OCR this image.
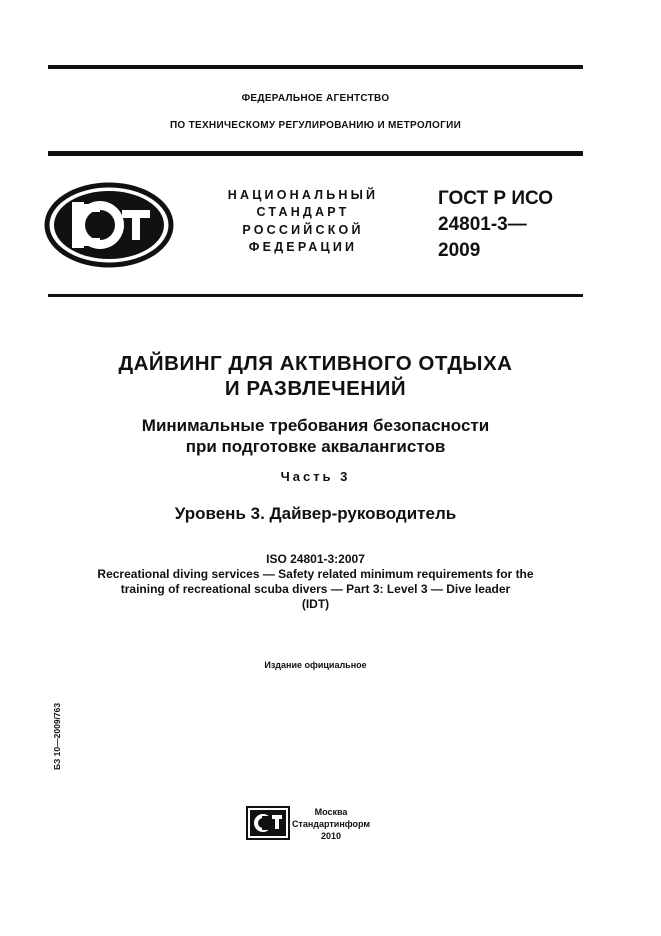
ФЕДЕРАЛЬНОЕ АГЕНТСТВО
ПО ТЕХНИЧЕСКОМУ РЕГУЛИРОВАНИЮ И МЕТРОЛОГИИ
НАЦИОНАЛЬНЫЙ
СТАНДАРТ
РОССИЙСКОЙ
ФЕДЕРАЦИИ
ГОСТ Р ИСО
24801-3—
2009
ДАЙВИНГ ДЛЯ АКТИВНОГО ОТДЫХА
И РАЗВЛЕЧЕНИЙ
Минимальные требования безопасности
при подготовке аквалангистов
Часть 3
Уровень 3. Дайвер-руководитель
ISO 24801-3:2007
Recreational diving services — Safety related minimum requirements for the
training of recreational scuba divers — Part 3: Level 3 — Dive leader
(IDT)
Издание официальное
БЗ 10—2009/763
Москва
Стандартинформ
2010
